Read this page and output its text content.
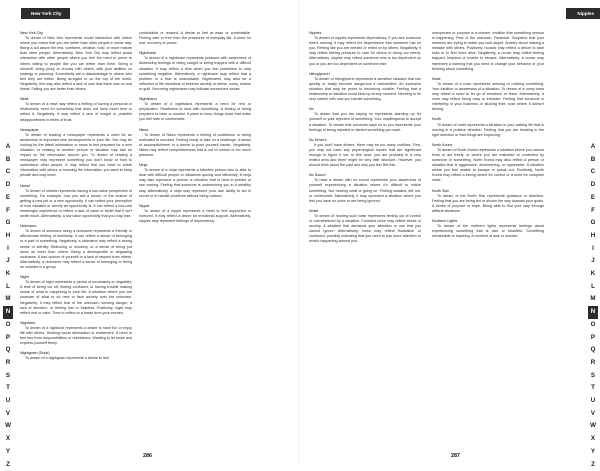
New York City
New York City
To dream of New York represents social interaction with others where you notice that you are better than other people in some way. Being a cut above the rest, confident, creative, bold, or more mature than other people. Alternatively, New York City may reflect social interaction with other people where you feel the need to prove to others willing to people like you are better than them. Being a showoff, being picky or choosy with others, with your abilities on strategy or planning. Eccentricity are a disadvantage to others who feel they are better. Being arrogant or on the top of the world. Negatively, this may also reflect a lack of care that there was no real threat. Falling you are better than others.
Newt
To dream of a newt may reflect a feeling of having a personal or relationship need for something that does not have much time to reflect it. Negatively, it may reflect a lack of insight or possible disappointment in terms of trust.
Newspaper
To dream of reading a newspaper represents a need for an awareness of important new developments in your life. You may be looking for the latest information or news to feel prepared for a new situation, or relating to another person or situation that has an impact on the information around you. To dream of reading a newspaper may represent something you don't know or how to understand other people. It may reflect that you have to share information with others or knowing the information you want to keep private and may need.
Nickel
To dream of nickels represents having a low-value perspective of something. For example, how you sell a house, or the chance of getting a new job or a new opportunity. It can reflect your perception of how valuable or worthy an opportunity is. It can reflect a low-cost meaningful experience or reflect a lack of value or belief that it isn't worth much. Alternatively, a low value opportunity that you may lose.
Nickname
To dream of someone using a nickname represents a friendly or affectionate feeling of familiarity. It can reflect a sense of belonging or a part of something. Negatively, a nickname may reflect a strong sense of identity. Ridiculing or mockery, or a sense of being put down as lower than others. Being a disrespectful or degrading nickname. A bad opinion of yourself or a lack of respect from others. Alternatively, a nickname may reflect a sense of belonging or being an outsider in a group.
Night
To dream of night represents a period of uncertainty or negativity. A time of being cut off, feeling confused, or having trouble making sense of what is happening in your life. A situation where you are unaware of what to do next or face anxiety over the unknown. Negatively, it may reflect fear of the unknown, sensing danger, a lack of direction, or feeling lost or helpless. Positively, night may reflect rest or calm. Time to reflect or a break from your worries.
Nightclub
To dream of a nightclub represents a desire to have fun or enjoy life with others. Seeking social stimulation or excitement. A need to feel free from responsibilities or restrictions. Wanting to let loose and express yourself freely.
Nightgown (Drink)
To dream of a nightgown represents a desire to feel
comfortable or relaxed. A desire to feel at ease or comfortable. Feeling safe or free from the pressures of everyday life. A need for rest, recovery or peace.
Nightmare
To dream of a nightmare represents pressure with awareness of distressing feelings of being caught or being trapped with a difficult situation. It may reflect a time when you feel powerless to stop something negative. Alternatively, a nightmare may reflect that a problem or a fear is unavoidable. Nightmares may also be a reflection of life situations of extreme anxiety or stress, worry, shame or guilt. Recurring nightmares may indicate unresolved issues.
Nightstand
To dream of a nightstand represents a need for rest or preparation. Readiness to deal with something. A feeling of being prepared to relax or unwind. A place to keep things close that make you feel safe or comfortable.
Nikes
To dream of Nikes represents a feeling of confidence or being motivated to succeed. Feeling ready to take on a challenge. A sense of accomplishment or a desire to push yourself harder. Negatively, Nikes may reflect competitiveness that is out of control or too much pressure.
Ninja
To dream of a ninja represents a talented person who is able to deal with difficult people or situations quickly and efficiently. A ninja may also represent a person or situation that is hard to predict or see coming. Feeling that someone is undermining you in a stealthy way. Alternatively, a ninja may represent your own ability to act in secret or to handle problems without being noticed.
Nipple
To dream of a nipple represents a need to feel supported or nurtured. It may reflect a desire for emotional support. Alternatively, nipples may represent feelings of dependency.
A
B
C
D
E
F
G
H
I
J
K
L
M
N
O
P
Q
R
S
T
U
V
W
X
Y
Z
286
Nipples
Nipples
To dream of nipples represents dependency. If you see someone else's nursing, it may reflect the dependence that someone has on you. Feeling like you are needed or relied on by others. Negatively, it may reflect feeling pressure to care for others or being too needy. Alternatively, nipples may reflect someone who is too dependent on you or you are too dependent on someone else.
Nitroglycerin
To dream of nitroglycerin represents a sensitive situation that can quickly or easily become dangerous if mishandled. An explosive situation that may be prone to becoming volatile. Feeling that a relationship or situation could blow up at any moment. Needing to be very careful with how you handle something.
No
To dream that you are saying no represents standing up for yourself or your rejection of something. Your unwillingness to accept a situation. To dream that someone says no to you represents your feelings of being rejected or denied something you want.
No Drivers
If you don't have drivers, there may be too many conflicts. First, you may not have any psychological issues that are significant enough to figure it out. In this case, you are probably in a very limited area and there might be very little structure. However, you should think about the past and why you feel like this.
No Sound
To have a dream with no sound represents your awareness of yourself experiencing a situation where it's difficult to notice something. Not hearing what is going on. Feeling isolated, left out, or uninformed. Alternatively, it may represent a situation where you feel you have no voice or are being ignored.
Noise
To dream of hearing loud noise represents feeling out of control or overwhelmed by a situation. Constant noise may reflect stress or anxiety. A situation that demands your attention or one that you cannot ignore. Alternatively, noise may reflect frustration or confusion, possibly indicating that you need to pay more attention to what's happening around you.
unexpected or surprise is a chosen. Intuition that something serious is happening. Fear of the unknown. Paranoia. Suspicion that your enemies are trying to make you look stupid. Anxiety about making a mistake with others. Positively, nooses may reflect a desire to take risks or to feel more alive. Negatively, a noose may reflect feeling trapped, helpless or unable to escape. Alternatively, a noose may represent a warning that you need to change your behavior or your thinking about something.
Nose
To dream of a nose represents sensing or noticing something. Your intuition or awareness of a situation. To dream of a runny nose may reflect a need to let go of emotions or fears. Alternatively, a nose may reflect being nosy or intrusive. Feeling that someone is interfering in your business or sticking their nose where it doesn't belong.
North
To dream of north represents a situation in your waking life that is moving in a positive direction. Feeling that you are heading in the right direction or that things are improving.
North Korea
To dream of North Korea represents a situation where you cannot think or act freely, or where you are restricted or controlled by someone or something. North Korea may also reflect a person or situation that is aggressive, domineering, or oppressive. A situation where you feel unable to escape or speak out. Positively, North Korea may reflect a strong desire for control or a need for complete order.
North Star
To dream of the North Star represents guidance or direction. Feeling that you are being led or shown the way towards your goals. A sense of purpose or hope. Being able to find your way through difficult situations.
Northern Lights
To dream of the northern lights represents feelings about experiencing something that is rare or beautiful. Something remarkable or inspiring. A moment of awe or wonder.
A
B
C
D
E
F
G
H
I
J
K
L
M
N
O
P
Q
R
S
T
U
V
W
X
Y
Z
287
